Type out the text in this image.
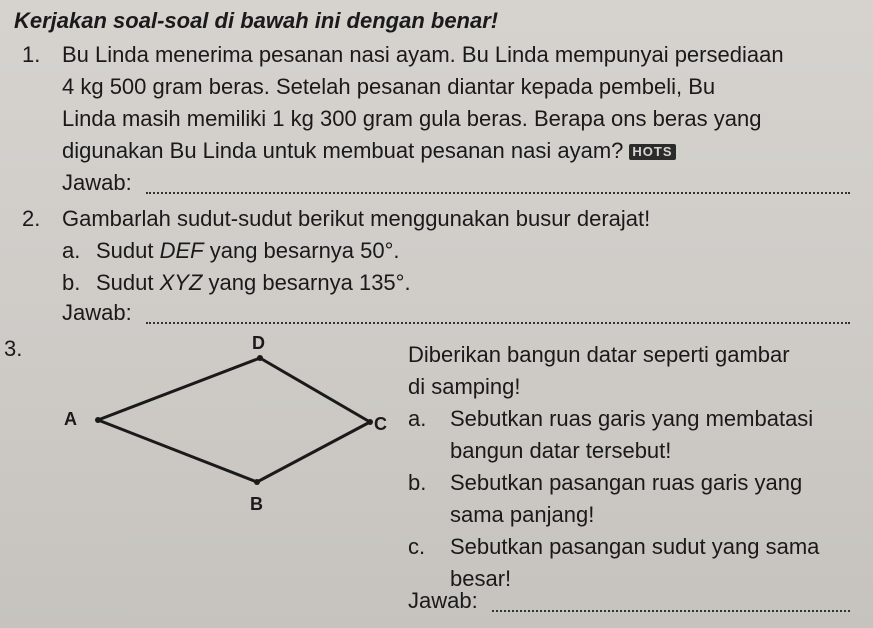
Kerjakan soal-soal di bawah ini dengan benar!
1. Bu Linda menerima pesanan nasi ayam. Bu Linda mempunyai persediaan
4 kg 500 gram beras. Setelah pesanan diantar kepada pembeli, Bu
Linda masih memiliki 1 kg 300 gram gula beras. Berapa ons beras yang
digunakan Bu Linda untuk membuat pesanan nasi ayam? HOTS
Jawab:
2. Gambarlah sudut-sudut berikut menggunakan busur derajat!
a. Sudut DEF yang besarnya 50°.
b. Sudut XYZ yang besarnya 135°.
Jawab:
3.	D
A	C
B
Diberikan bangun datar seperti gambar
di samping!
a. Sebutkan ruas garis yang membatasi
bangun datar tersebut!
b. Sebutkan pasangan ruas garis yang
sama panjang!
c. Sebutkan pasangan sudut yang sama
besar!
Jawab:
